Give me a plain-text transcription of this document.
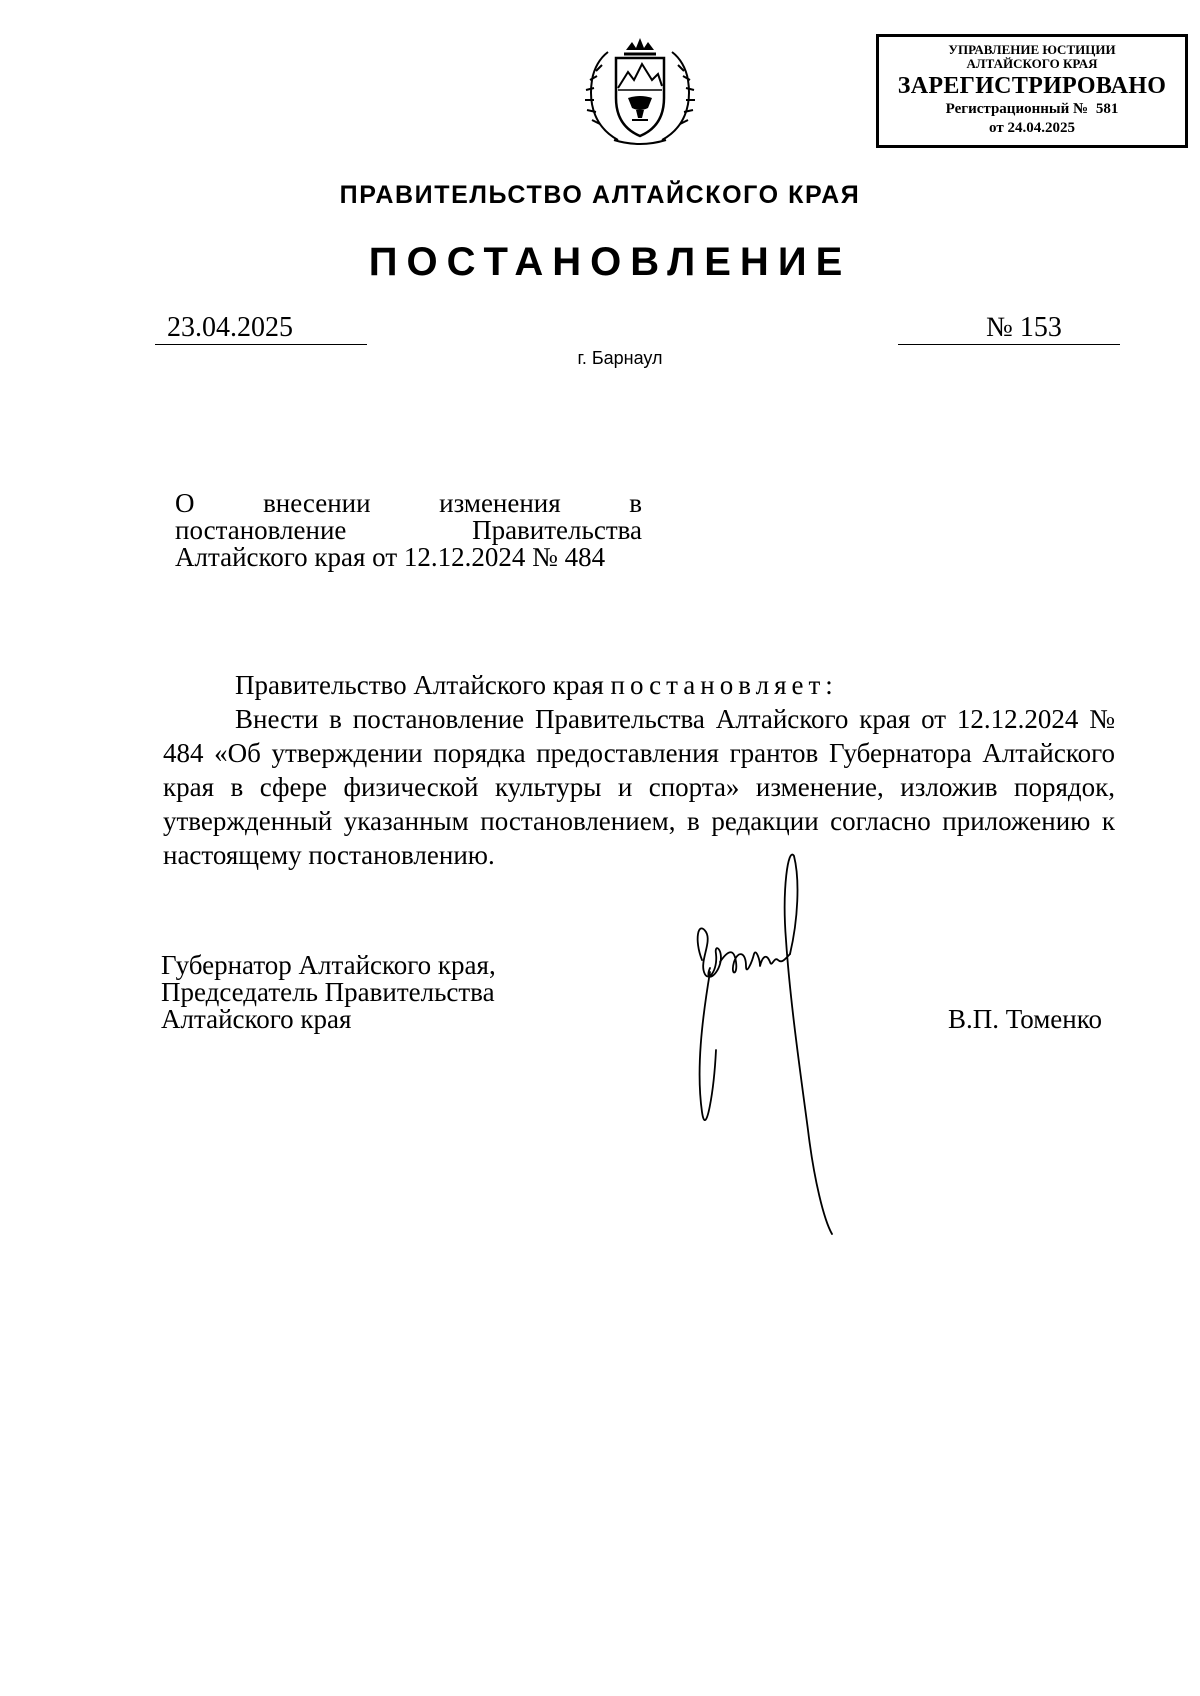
УПРАВЛЕНИЕ ЮСТИЦИИ
АЛТАЙСКОГО КРАЯ
ЗАРЕГИСТРИРОВАНО
Регистрационный № 581
от 24.04.2025
ПРАВИТЕЛЬСТВО АЛТАЙСКОГО КРАЯ
ПОСТАНОВЛЕНИЕ
23.04.2025	№ 153
г. Барнаул
О	внесении	изменения	в
постановление	Правительства
Алтайского края от 12.12.2024 № 484

Правительство Алтайского края постановляет:

Внести в постановление Правительства Алтайского края от 12.12.2024 № 484 «Об утверждении порядка предоставления грантов Губернатора Алтайского края в сфере физической культуры и спорта» изменение, изложив порядок, утвержденный указанным постановлением, в редакции согласно приложению к настоящему постановлению.

Губернатор Алтайского края,
Председатель Правительства
Алтайского края	В.П. Томенко
